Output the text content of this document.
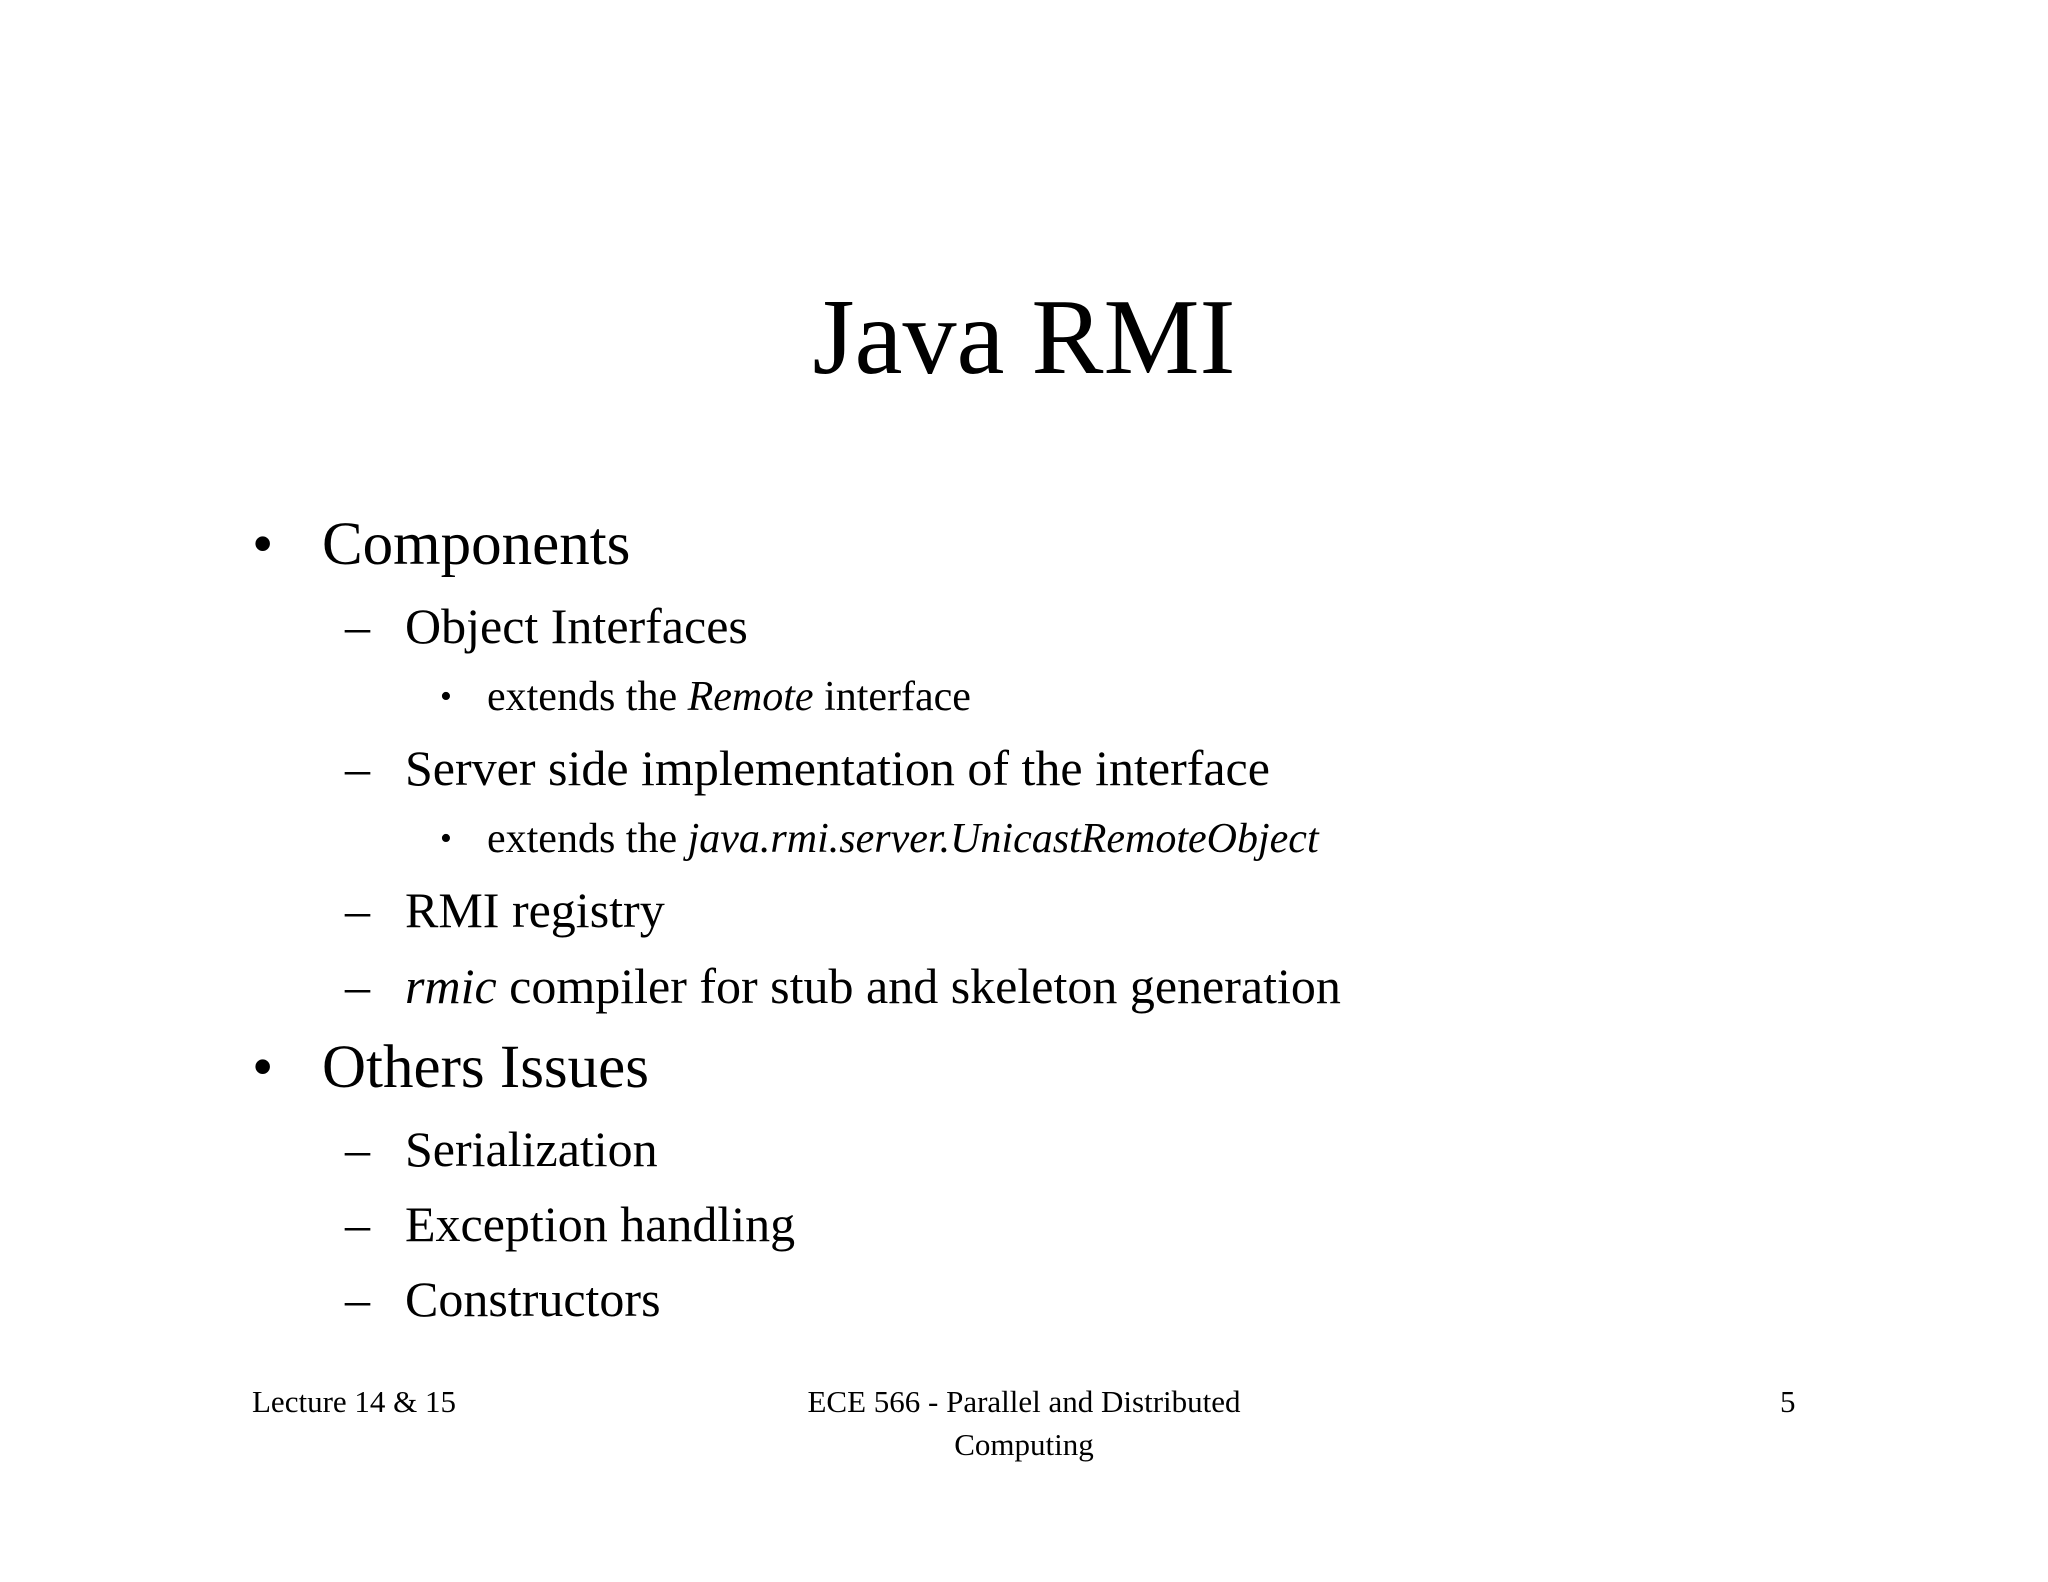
Java RMI
• Components
– Object Interfaces
• extends the Remote interface
– Server side implementation of the interface
• extends the java.rmi.server.UnicastRemoteObject
– RMI registry
– rmic compiler for stub and skeleton generation
• Others Issues
– Serialization
– Exception handling
– Constructors
Lecture 14 & 15	ECE 566 - Parallel and Distributed
Computing
5
